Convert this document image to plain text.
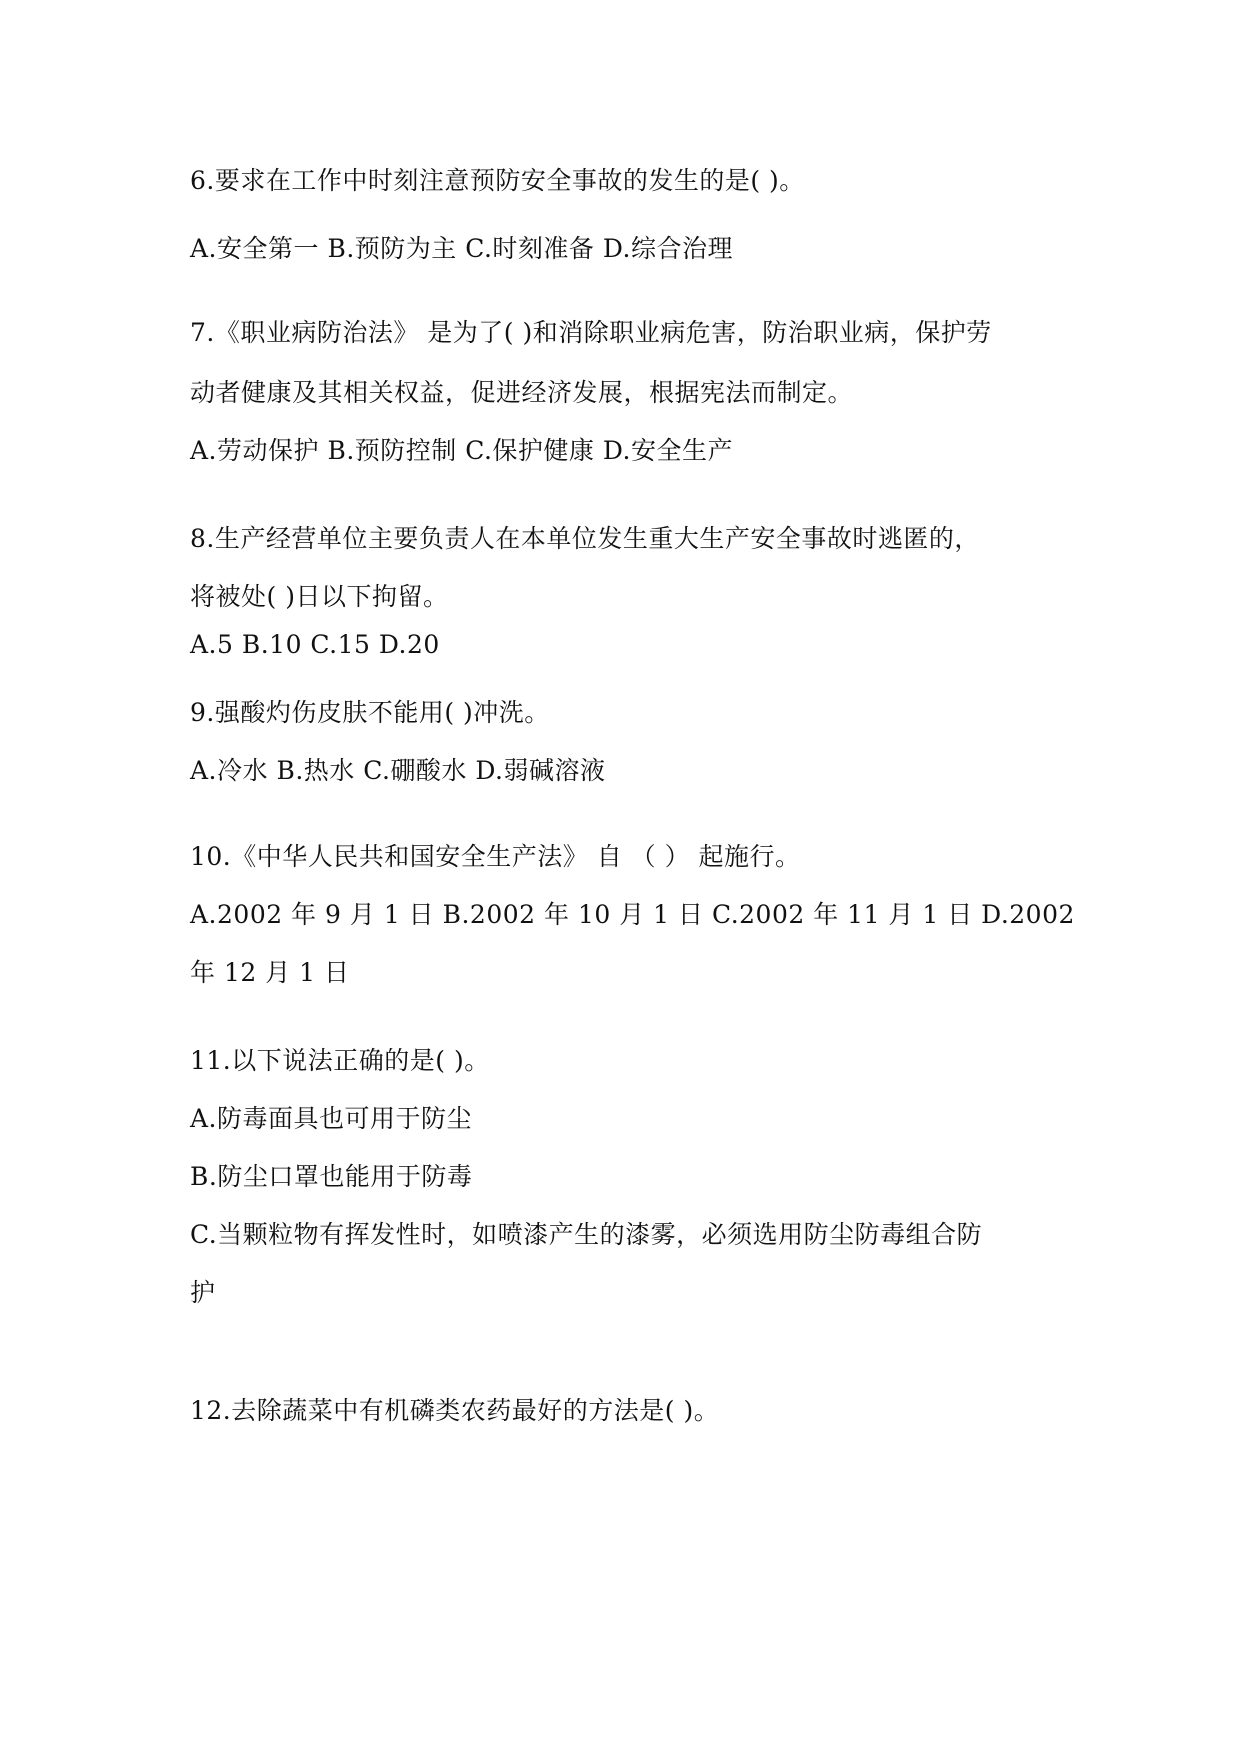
6.要求在工作中时刻注意预防安全事故的发生的是( )。
A.安全第一 B.预防为主 C.时刻准备 D.综合治理
7.《职业病防治法》 是为了( )和消除职业病危害，防治职业病，保护劳
动者健康及其相关权益，促进经济发展，根据宪法而制定。
A.劳动保护 B.预防控制 C.保护健康 D.安全生产
8.生产经营单位主要负责人在本单位发生重大生产安全事故时逃匿的，
将被处( )日以下拘留。
A.5 B.10 C.15 D.20
9.强酸灼伤皮肤不能用( )冲洗。
A.冷水 B.热水 C.硼酸水 D.弱碱溶液
10.《中华人民共和国安全生产法》 自 （ ） 起施行。
A.2002 年 9 月 1 日 B.2002 年 10 月 1 日 C.2002 年 11 月 1 日 D.2002
年 12 月 1 日
11.以下说法正确的是( )。
A.防毒面具也可用于防尘
B.防尘口罩也能用于防毒
C.当颗粒物有挥发性时，如喷漆产生的漆雾，必须选用防尘防毒组合防
护
12.去除蔬菜中有机磷类农药最好的方法是( )。
